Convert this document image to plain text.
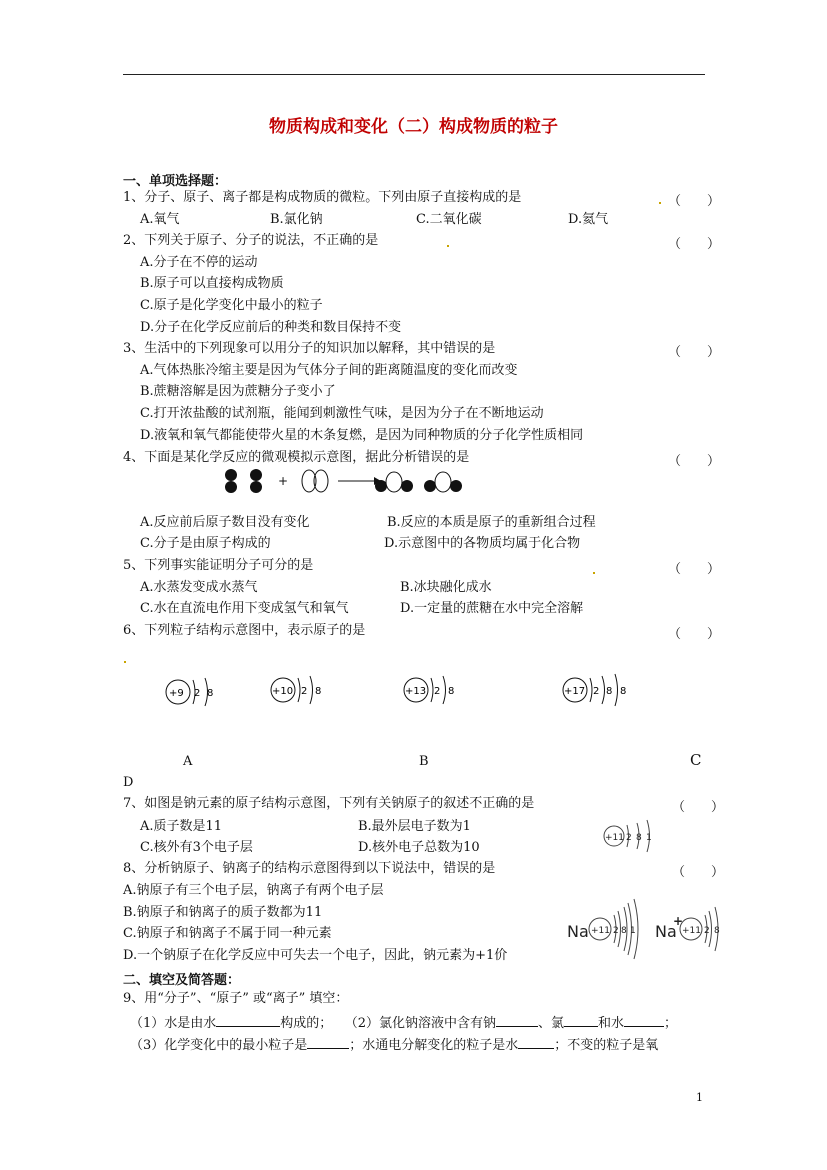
物质构成和变化（二）构成物质的粒子
一、单项选择题：
1、分子、原子、离子都是构成物质的微粒。下列由原子直接构成的是	（　　）
A.氧气	B.氯化钠	C.二氧化碳	D.氦气
2、下列关于原子、分子的说法，不正确的是	（　　）
A.分子在不停的运动
B.原子可以直接构成物质
C.原子是化学变化中最小的粒子
D.分子在化学反应前后的种类和数目保持不变
3、生活中的下列现象可以用分子的知识加以解释，其中错误的是	（　　）
A.气体热胀冷缩主要是因为气体分子间的距离随温度的变化而改变
B.蔗糖溶解是因为蔗糖分子变小了
C.打开浓盐酸的试剂瓶，能闻到刺激性气味，是因为分子在不断地运动
D.液氧和氧气都能使带火星的木条复燃，是因为同种物质的分子化学性质相同
4、下面是某化学反应的微观模拟示意图，据此分析错误的是	（　　）
+
A.反应前后原子数目没有变化	B.反应的本质是原子的重新组合过程
C.分子是由原子构成的	D.示意图中的各物质均属于化合物
5、下列事实能证明分子可分的是	（　　）
A.水蒸发变成水蒸气	B.冰块融化成水
C.水在直流电作用下变成氢气和氧气	D.一定量的蔗糖在水中完全溶解
6、下列粒子结构示意图中，表示原子的是	（　　）
+9 2 8	+10 2 8	+13 2 8	+17 2 8 8
A	B	C
D
7、如图是钠元素的原子结构示意图，下列有关钠原子的叙述不正确的是	（　　）
A.质子数是11	B.最外层电子数为1
C.核外有3个电子层	D.核外电子总数为10
+11 2 8 1
8、分析钠原子、钠离子的结构示意图得到以下说法中，错误的是	（　　）
A.钠原子有三个电子层，钠离子有两个电子层
B.钠原子和钠离子的质子数都为11
C.钠原子和钠离子不属于同一种元素
D.一个钠原子在化学反应中可失去一个电子，因此，钠元素为+1价
Na +11 2 8 1 Na
+
+11 2 8
二、填空及简答题：
9、用“分子”、“原子” 或“离子” 填空：
（1）水是由水	构成的； （2）氯化钠溶液中含有钠	、氯	和水	；
（3）化学变化中的最小粒子是	；水通电分解变化的粒子是水	；不变的粒子是氧
1
